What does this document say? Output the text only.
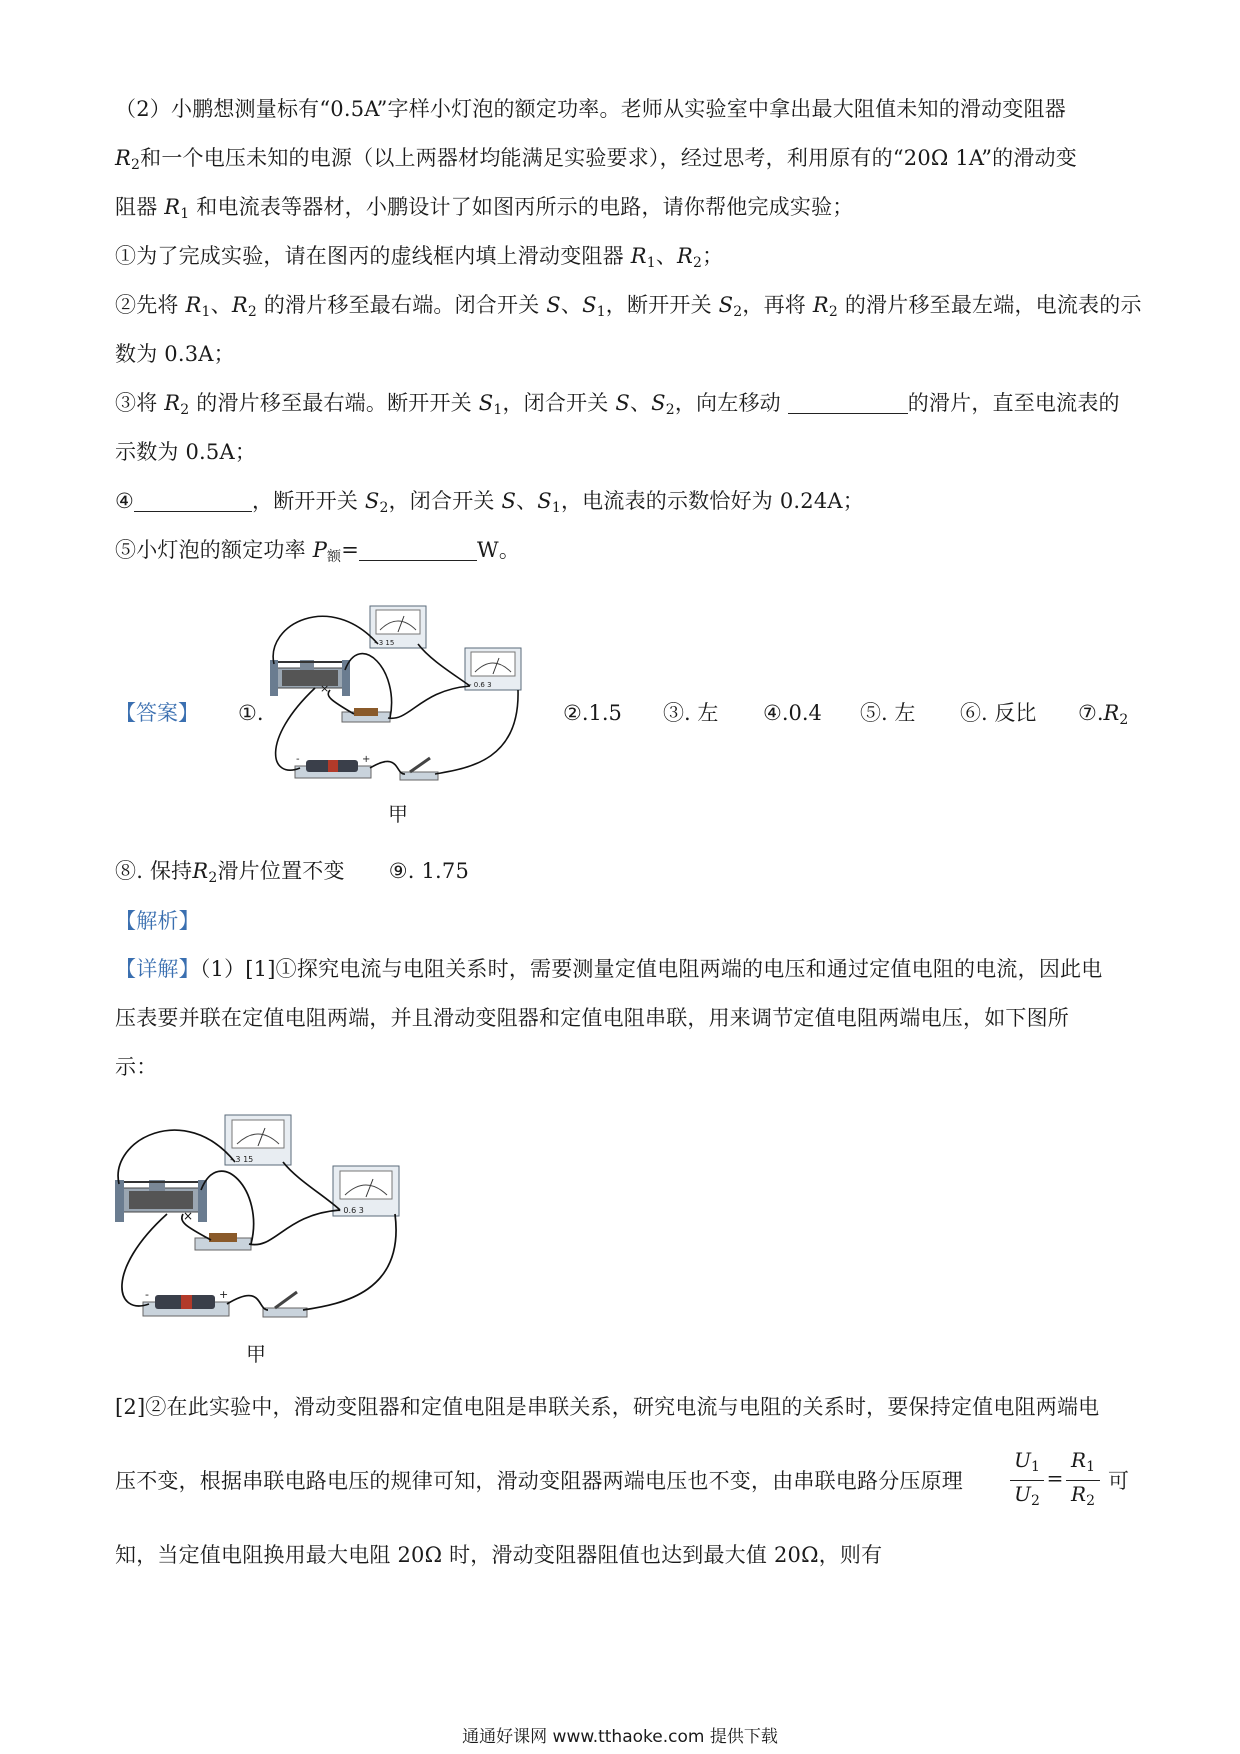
（2）小鹏想测量标有“0.5A”字样小灯泡的额定功率。老师从实验室中拿出最大阻值未知的滑动变阻器
$R_2$和一个电压未知的电源（以上两器材均能满足实验要求），经过思考，利用原有的“20Ω 1A”的滑动变
阻器 $R_1$ 和电流表等器材，小鹏设计了如图丙所示的电路，请你帮他完成实验；
①为了完成实验，请在图丙的虚线框内填上滑动变阻器 $R_1$、$R_2$；
②先将 $R_1$、$R_2$ 的滑片移至最右端。闭合开关 S、$S_1$，断开开关 $S_2$，再将 $R_2$ 的滑片移至最左端，电流表的示
数为 0.3A；
③将 $R_2$ 的滑片移至最右端。断开开关 $S_1$，闭合开关 S、$S_2$，向左移动	的滑片，直至电流表的
示数为 0.5A；
④	，断开开关 $S_2$，闭合开关 S、$S_1$，电流表的示数恰好为 0.24A；
⑤小灯泡的额定功率 $P_额=$	W。
【答案】 ①.
- 3 15
- 0.6 3
-	+
×
甲
②.1.5 ③. 左 ④.0.4 ⑤. 左 ⑥. 反比 $⑦.R_2$
⑧. 保持$R_2$滑片位置不变 ⑨. 1.75
【解析】
【详解】（1）[1]①探究电流与电阻关系时，需要测量定值电阻两端的电压和通过定值电阻的电流，因此电
压表要并联在定值电阻两端，并且滑动变阻器和定值电阻串联，用来调节定值电阻两端电压，如下图所
示：
- 3 15
- 0.6 3
-	+
×
甲
[2]②在此实验中，滑动变阻器和定值电阻是串联关系，研究电流与电阻的关系时，要保持定值电阻两端电
压不变，根据串联电路电压的规律可知，滑动变阻器两端电压也不变，由串联电路分压原理
$U_1$
$U_2$
=
$R_1$
$R_2$
可
知，当定值电阻换用最大电阻 20Ω 时，滑动变阻器阻值也达到最大值 20Ω，则有
通通好课网 www.tthaoke.com 提供下载
